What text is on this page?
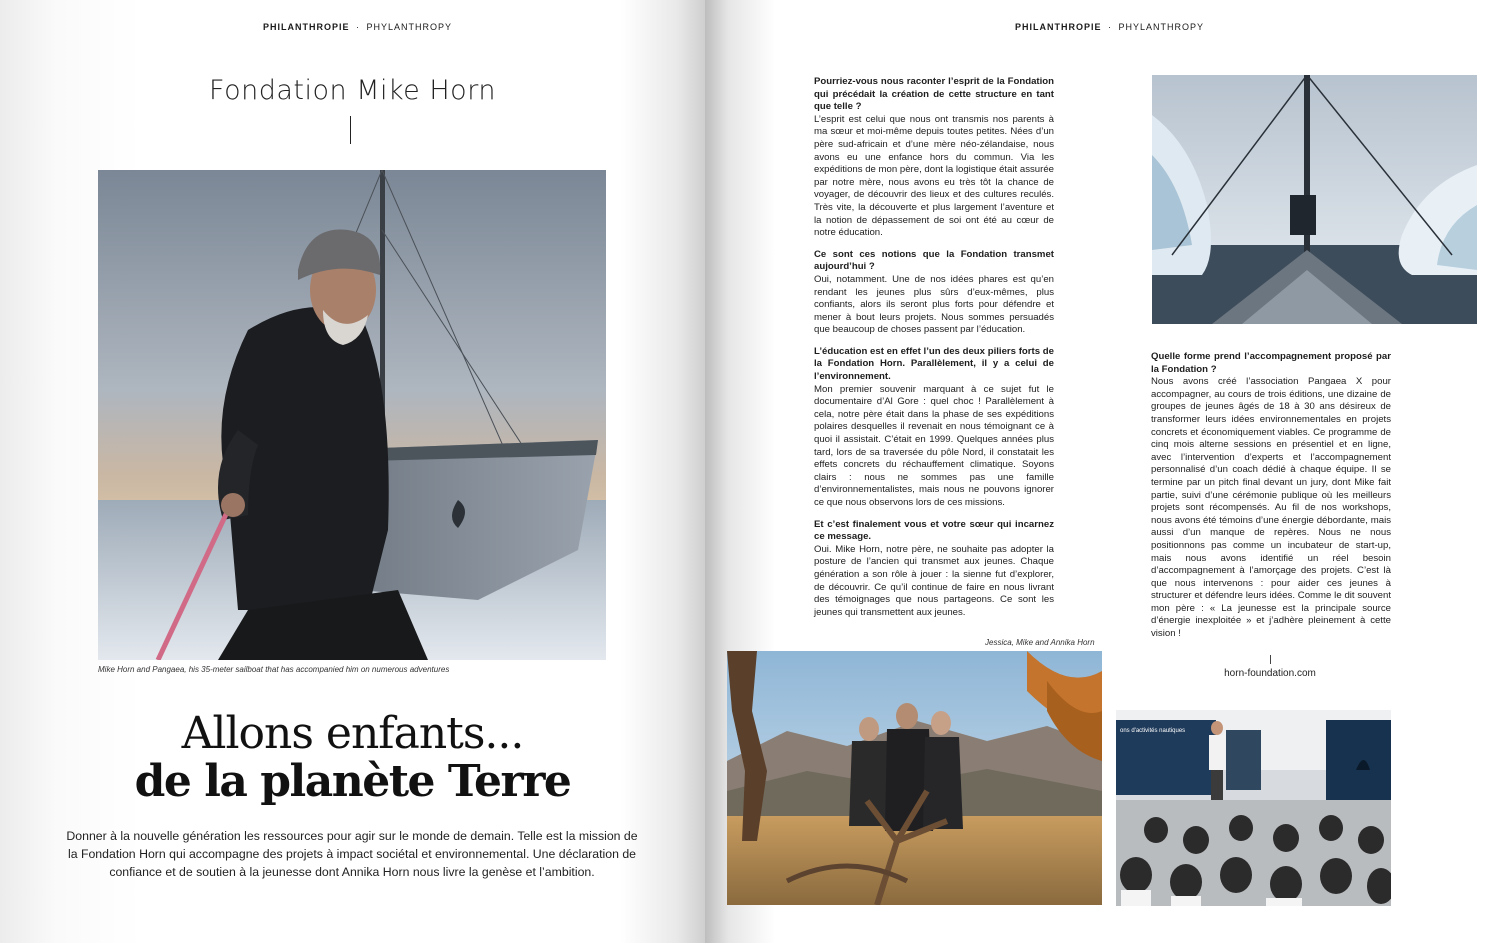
PHILANTHROPIE · PHYLANTHROPY
Fondation Mike Horn
Mike Horn and Pangaea, his 35-meter sailboat that has accompanied him on numerous adventures
Allons enfants...
de la planète Terre
Donner à la nouvelle génération les ressources pour agir sur le monde de demain. Telle est la mission de la Fondation Horn qui accompagne des projets à impact sociétal et environnemental. Une déclaration de confiance et de soutien à la jeunesse dont Annika Horn nous livre la genèse et l’ambition.
PHILANTHROPIE · PHYLANTHROPY

Pourriez-vous nous raconter l’esprit de la Fondation qui précédait la création de cette structure en tant que telle ?

L’esprit est celui que nous ont transmis nos parents à ma sœur et moi-même depuis toutes petites. Nées d’un père sud-africain et d’une mère néo-zélandaise, nous avons eu une enfance hors du commun. Via les expéditions de mon père, dont la logistique était assurée par notre mère, nous avons eu très tôt la chance de voyager, de découvrir des lieux et des cultures reculés. Très vite, la découverte et plus largement l’aventure et la notion de dépassement de soi ont été au cœur de notre éducation.

Ce sont ces notions que la Fondation transmet aujourd’hui ?

Oui, notamment. Une de nos idées phares est qu’en rendant les jeunes plus sûrs d’eux-mêmes, plus confiants, alors ils seront plus forts pour défendre et mener à bout leurs projets. Nous sommes persuadés que beaucoup de choses passent par l’éducation.

L’éducation est en effet l’un des deux piliers forts de la Fondation Horn. Parallèlement, il y a celui de l’environnement.

Mon premier souvenir marquant à ce sujet fut le documentaire d’Al Gore : quel choc ! Parallèlement à cela, notre père était dans la phase de ses expéditions polaires desquelles il revenait en nous témoignant ce à quoi il assistait. C’était en 1999. Quelques années plus tard, lors de sa traversée du pôle Nord, il constatait les effets concrets du réchauffement climatique. Soyons clairs : nous ne sommes pas une famille d’environnementalistes, mais nous ne pouvons ignorer ce que nous observons lors de ces missions.

Et c’est finalement vous et votre sœur qui incarnez ce message.

Oui. Mike Horn, notre père, ne souhaite pas adopter la posture de l’ancien qui transmet aux jeunes. Chaque génération a son rôle à jouer : la sienne fut d’explorer, de découvrir. Ce qu’il continue de faire en nous livrant des témoignages que nous partageons. Ce sont les jeunes qui transmettent aux jeunes.

Quelle forme prend l’accompagnement proposé par la Fondation ?

Nous avons créé l’association Pangaea X pour accompagner, au cours de trois éditions, une dizaine de groupes de jeunes âgés de 18 à 30 ans désireux de transformer leurs idées environnementales en projets concrets et économiquement viables. Ce programme de cinq mois alterne sessions en présentiel et en ligne, avec l’intervention d’experts et l’accompagnement personnalisé d’un coach dédié à chaque équipe. Il se termine par un pitch final devant un jury, dont Mike fait partie, suivi d’une cérémonie publique où les meilleurs projets sont récompensés. Au fil de nos workshops, nous avons été témoins d’une énergie débordante, mais aussi d’un manque de repères. Nous ne nous positionnons pas comme un incubateur de start-up, mais nous avons identifié un réel besoin d’accompagnement à l’amorçage des projets. C’est là que nous intervenons : pour aider ces jeunes à structurer et défendre leurs idées. Comme le dit souvent mon père : « La jeunesse est la principale source d’énergie inexploitée » et j’adhère pleinement à cette vision !

horn-foundation.com
Jessica, Mike and Annika Horn
ons d'activités nautiques
